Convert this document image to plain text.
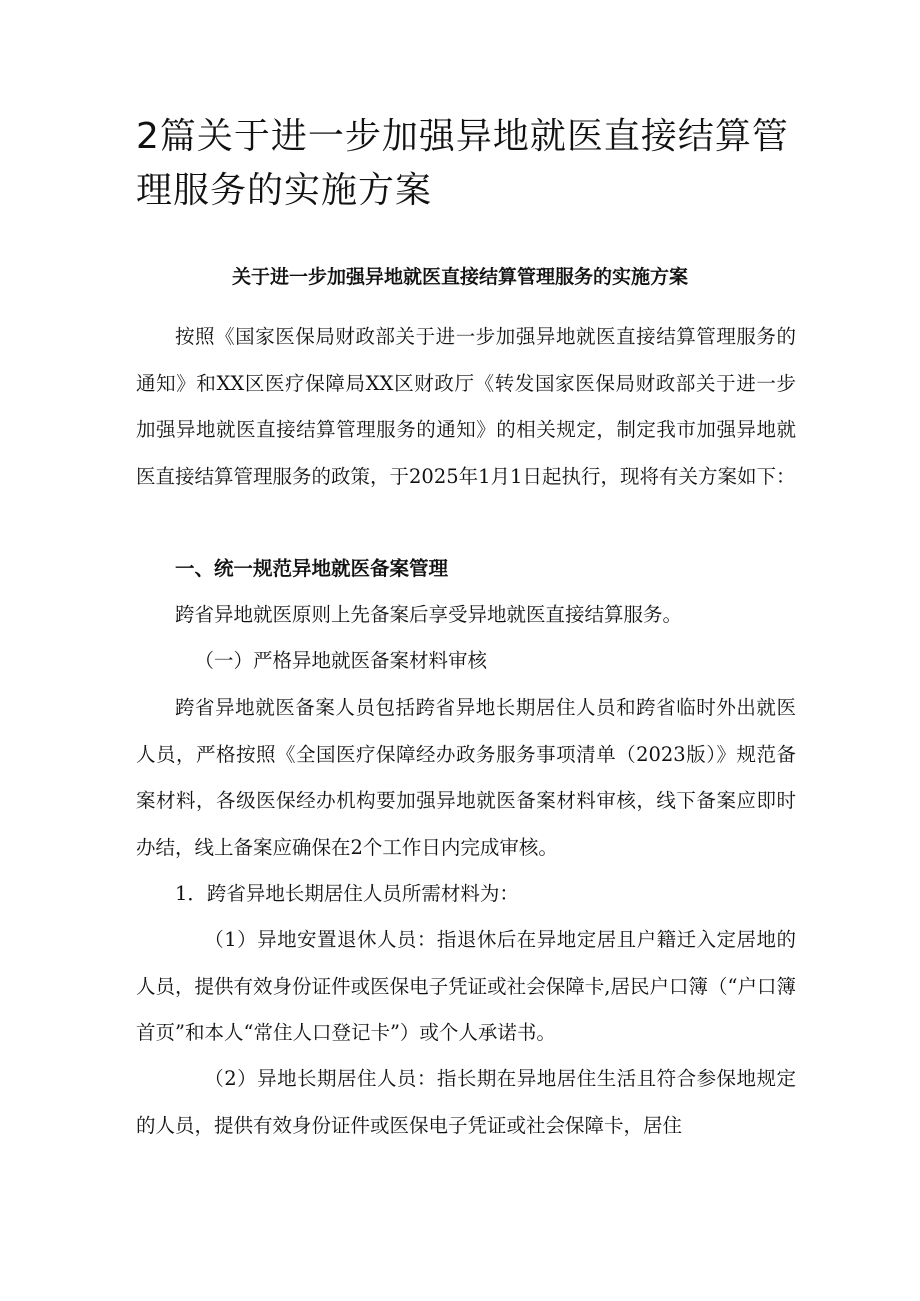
2篇关于进一步加强异地就医直接结算管理服务的实施方案
关于进一步加强异地就医直接结算管理服务的实施方案

按照《国家医保局财政部关于进一步加强异地就医直接结算管理服务的通知》和XX区医疗保障局XX区财政厅《转发国家医保局财政部关于进一步加强异地就医直接结算管理服务的通知》的相关规定，制定我市加强异地就医直接结算管理服务的政策，于2025年1月1日起执行，现将有关方案如下：

一、统一规范异地就医备案管理

跨省异地就医原则上先备案后享受异地就医直接结算服务。

（一）严格异地就医备案材料审核

跨省异地就医备案人员包括跨省异地长期居住人员和跨省临时外出就医人员，严格按照《全国医疗保障经办政务服务事项清单（2023版）》规范备案材料，各级医保经办机构要加强异地就医备案材料审核，线下备案应即时办结，线上备案应确保在2个工作日内完成审核。

1．跨省异地长期居住人员所需材料为：

（1）异地安置退休人员：指退休后在异地定居且户籍迁入定居地的人员，提供有效身份证件或医保电子凭证或社会保障卡,居民户口簿（“户口簿首页”和本人“常住人口登记卡”）或个人承诺书。

（2）异地长期居住人员：指长期在异地居住生活且符合参保地规定的人员，提供有效身份证件或医保电子凭证或社会保障卡，居住
